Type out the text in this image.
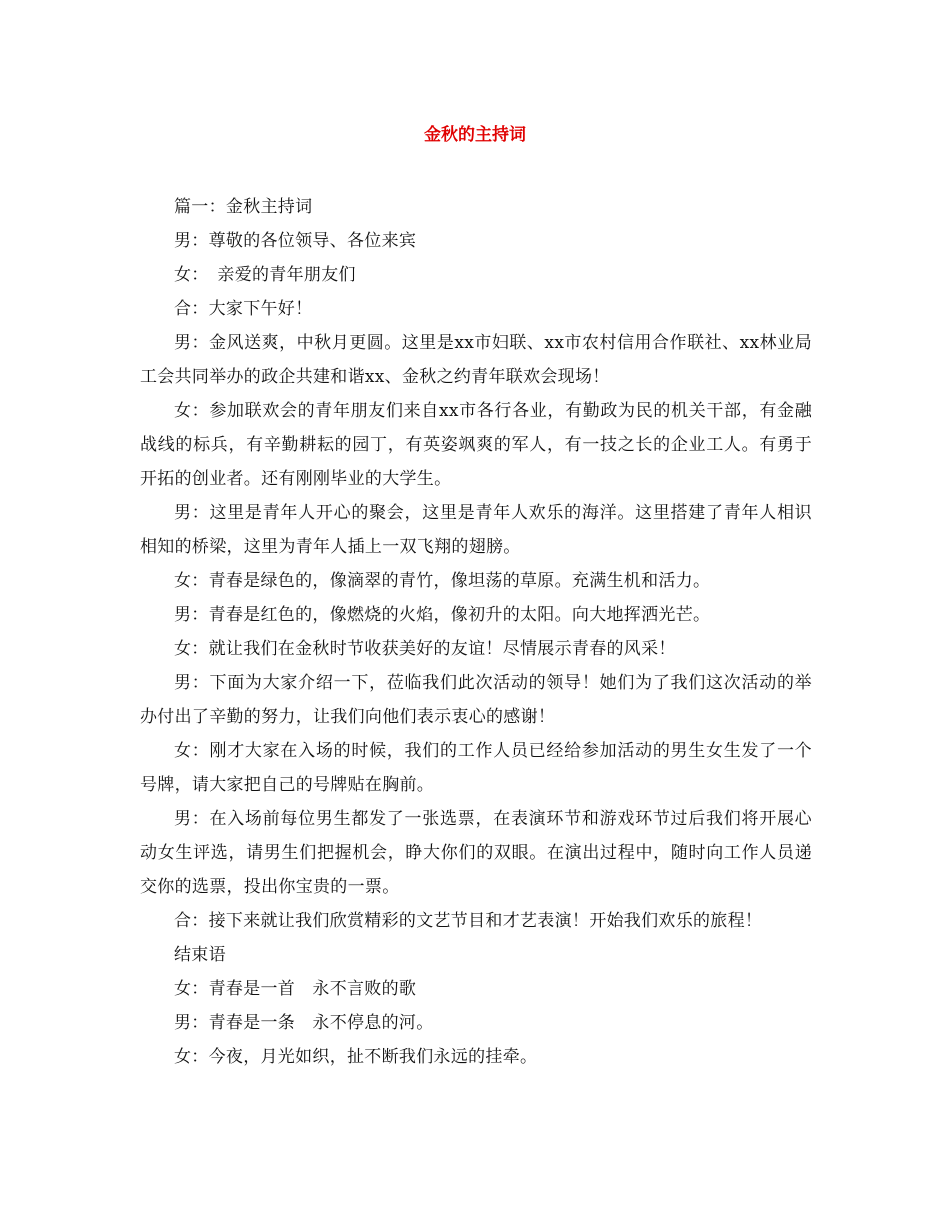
金秋的主持词

篇一：金秋主持词

男：尊敬的各位领导、各位来宾

女：　亲爱的青年朋友们

合：大家下午好！

男：金风送爽，中秋月更圆。这里是xx市妇联、xx市农村信用合作联社、xx林业局工会共同举办的政企共建和谐xx、金秋之约青年联欢会现场！

女：参加联欢会的青年朋友们来自xx市各行各业，有勤政为民的机关干部，有金融战线的标兵，有辛勤耕耘的园丁，有英姿飒爽的军人，有一技之长的企业工人。有勇于开拓的创业者。还有刚刚毕业的大学生。

男：这里是青年人开心的聚会，这里是青年人欢乐的海洋。这里搭建了青年人相识相知的桥梁，这里为青年人插上一双飞翔的翅膀。

女：青春是绿色的，像滴翠的青竹，像坦荡的草原。充满生机和活力。

男：青春是红色的，像燃烧的火焰，像初升的太阳。向大地挥洒光芒。

女：就让我们在金秋时节收获美好的友谊！尽情展示青春的风采！

男：下面为大家介绍一下，莅临我们此次活动的领导！她们为了我们这次活动的举办付出了辛勤的努力，让我们向他们表示衷心的感谢！

女：刚才大家在入场的时候，我们的工作人员已经给参加活动的男生女生发了一个号牌，请大家把自己的号牌贴在胸前。

男：在入场前每位男生都发了一张选票，在表演环节和游戏环节过后我们将开展心动女生评选，请男生们把握机会，睁大你们的双眼。在演出过程中，随时向工作人员递交你的选票，投出你宝贵的一票。

合：接下来就让我们欣赏精彩的文艺节目和才艺表演！开始我们欢乐的旅程！

结束语

女：青春是一首　永不言败的歌

男：青春是一条　永不停息的河。

女：今夜，月光如织，扯不断我们永远的挂牵。
